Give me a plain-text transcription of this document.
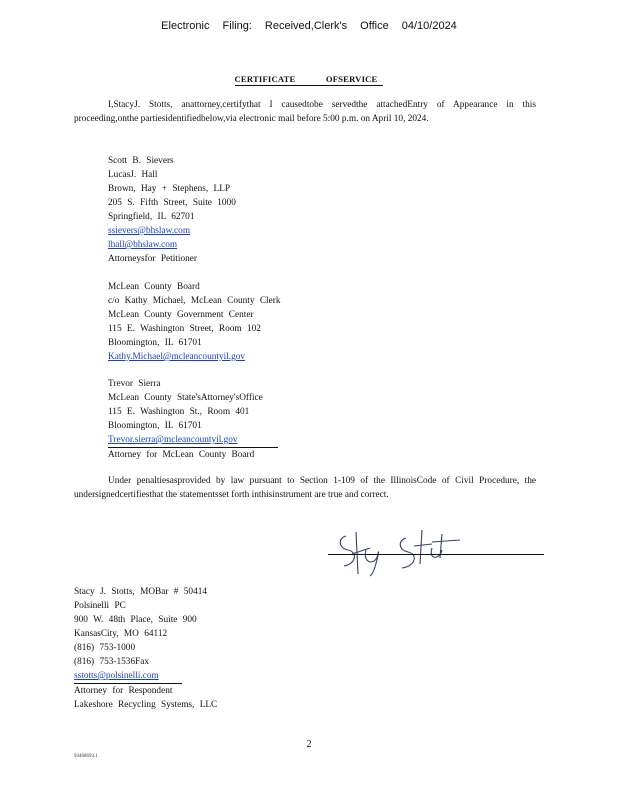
Electronic Filing: Received,Clerk's Office 04/10/2024
CERTIFICATE OFSERVICE
I,StacyJ. Stotts, anattorney,certifythat I causedtobe servedthe attachedEntry of Appearance in this proceeding,onthe partiesidentifiedbelow,via electronic mail before 5:00 p.m. on April 10, 2024.
Scott B. Sievers
LucasJ. Hall
Brown, Hay + Stephens, LLP
205 S. Fifth Street, Suite 1000
Springfield, IL 62701
ssievers@bhslaw.com
lhall@bhslaw.com
Attorneysfor Petitioner
McLean County Board
c/o Kathy Michael, McLean County Clerk
McLean County Government Center
115 E. Washington Street, Room 102
Bloomington, IL 61701
Kathy.Michael@mcleancountyil.gov
Trevor Sierra
McLean County State'sAttorney'sOffice
115 E. Washington St., Room 401
Bloomington, IL 61701
Trevor.sierra@mcleancountyil.gov
Attorney for McLean County Board
Under penaltiesasprovided by law pursuant to Section 1-109 of the IllinoisCode of Civil Procedure, the undersignedcertifiesthat the statementsset forth inthisinstrument are true and correct.
Stacy J. Stotts, MOBar # 50414
Polsinelli PC
900 W. 48th Place, Suite 900
KansasCity, MO 64112
(816) 753-1000
(816) 753-1536Fax
sstotts@polsinelli.com
Attorney for Respondent
Lakeshore Recycling Systems, LLC
2
94468693.1
